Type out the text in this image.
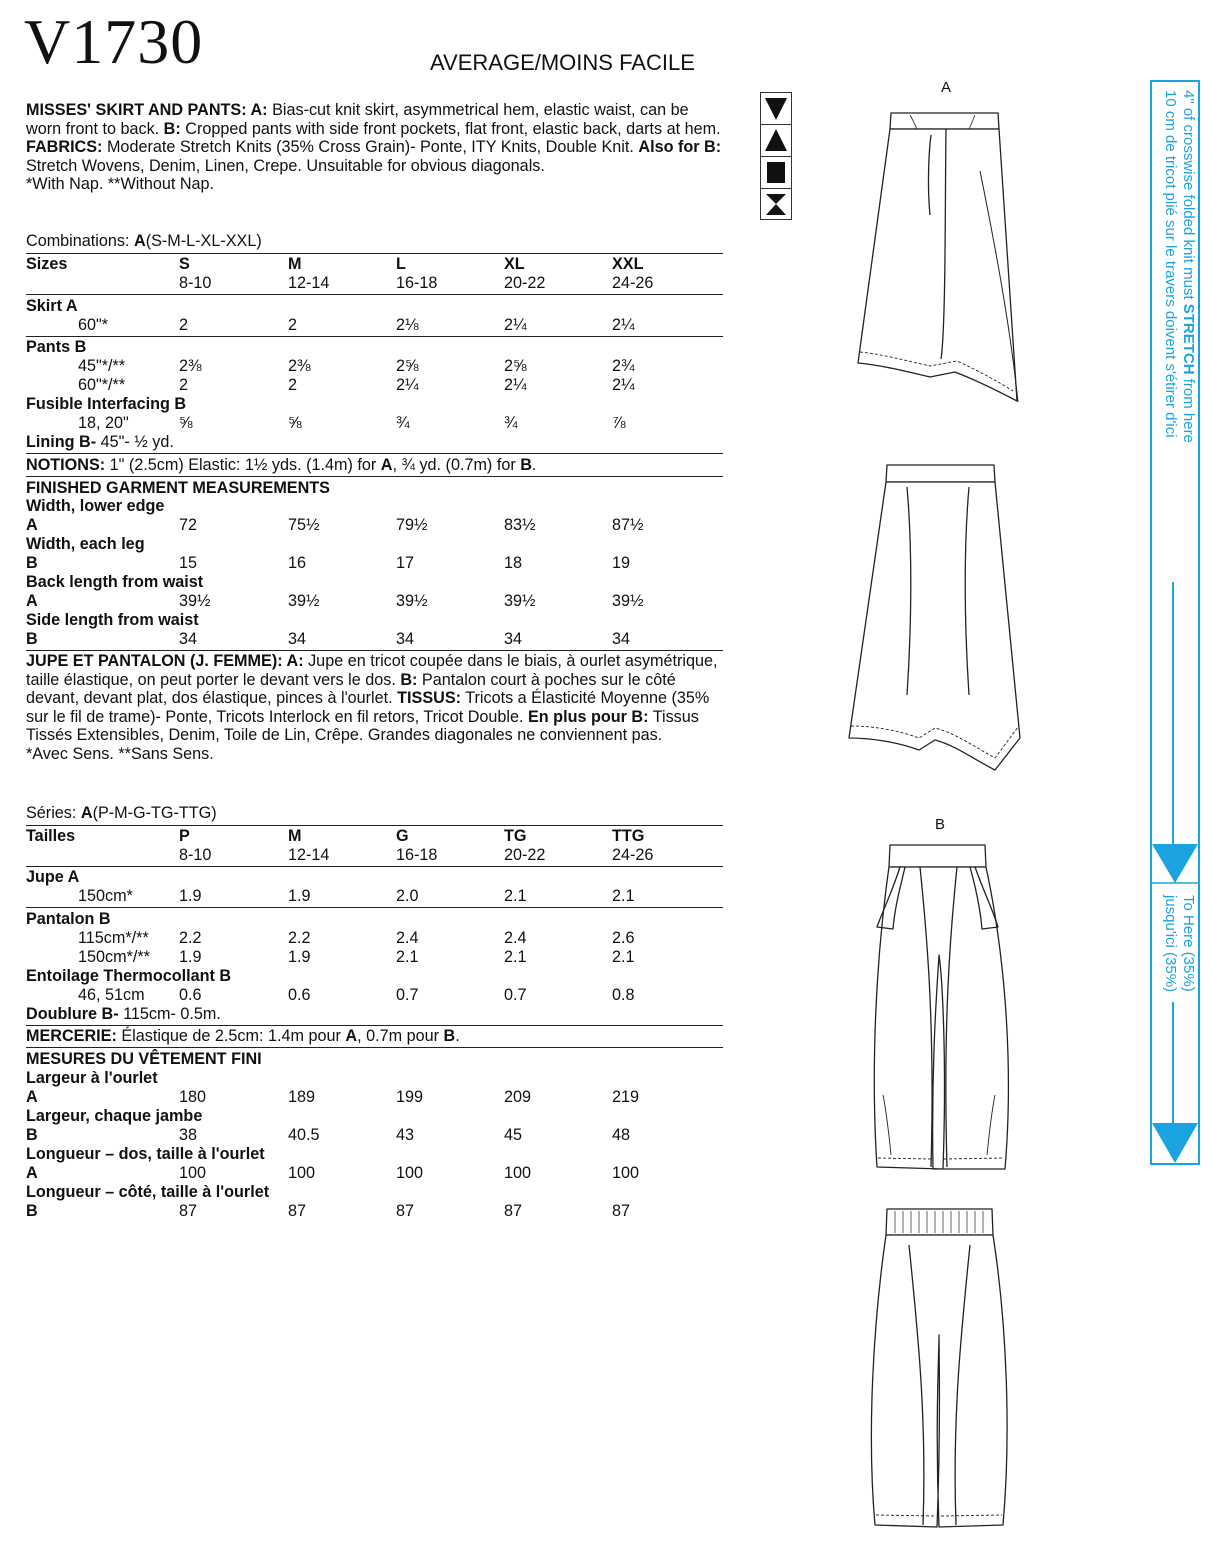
V1730	AVERAGE/MOINS FACILE
MISSES' SKIRT AND PANTS: A: Bias-cut knit skirt, asymmetrical hem, elastic waist, can be worn front to back. B: Cropped pants with side front pockets, flat front, elastic back, darts at hem. FABRICS: Moderate Stretch Knits (35% Cross Grain)- Ponte, ITY Knits, Double Knit. Also for B: Stretch Wovens, Denim, Linen, Crepe. Unsuitable for obvious diagonals.
*With Nap. **Without Nap.
Combinations: A(S-M-L-XL-XXL)
Sizes	S	M	L	XL	XXL
8-10	12-14	16-18	20-22	24-26
Skirt A
60"*	2	2	2⅛	2¼	2¼
Pants B
45"*/**	2⅜	2⅜	2⅝	2⅝	2¾
60"*/**	2	2	2¼	2¼	2¼
Fusible Interfacing B
18, 20"	⅝	⅝	¾	¾	⅞
Lining B- 45"- ½ yd.
NOTIONS: 1" (2.5cm) Elastic: 1½ yds. (1.4m) for A, ¾ yd. (0.7m) for B.
FINISHED GARMENT MEASUREMENTS
Width, lower edge
A	72	75½	79½	83½	87½
Width, each leg
B	15	16	17	18	19
Back length from waist
A	39½	39½	39½	39½	39½
Side length from waist
B	34	34	34	34	34
JUPE ET PANTALON (J. FEMME): A: Jupe en tricot coupée dans le biais, à ourlet asymétrique, taille élastique, on peut porter le devant vers le dos. B: Pantalon court à poches sur le côté devant, devant plat, dos élastique, pinces à l'ourlet. TISSUS: Tricots a Élasticité Moyenne (35% sur le fil de trame)- Ponte, Tricots Interlock en fil retors, Tricot Double. En plus pour B: Tissus Tissés Extensibles, Denim, Toile de Lin, Crêpe. Grandes diagonales ne conviennent pas.
*Avec Sens. **Sans Sens.
Séries: A(P-M-G-TG-TTG)
Tailles	P	M	G	TG	TTG
8-10	12-14	16-18	20-22	24-26
Jupe A
150cm*	1.9	1.9	2.0	2.1	2.1
Pantalon B
115cm*/** 2.2	2.2	2.4	2.4	2.6
150cm*/** 1.9	1.9	2.1	2.1	2.1
Entoilage Thermocollant B
46, 51cm 0.6	0.6	0.7	0.7	0.8
Doublure B- 115cm- 0.5m.
MERCERIE: Élastique de 2.5cm: 1.4m pour A, 0.7m pour B.
MESURES DU VÊTEMENT FINI
Largeur à l'ourlet
A	180	189	199	209	219
Largeur, chaque jambe
B	38	40.5	43	45	48
Longueur – dos, taille à l'ourlet
A	100	100	100	100	100
Longueur – côté, taille à l'ourlet
B	87	87	87	87	87
A
B
4" of crosswise folded knit must STRETCH from here
10 cm de tricot plié sur le travers doivent s'étirer d'ici
To Here (35%)
jusqu'ici (35%)
